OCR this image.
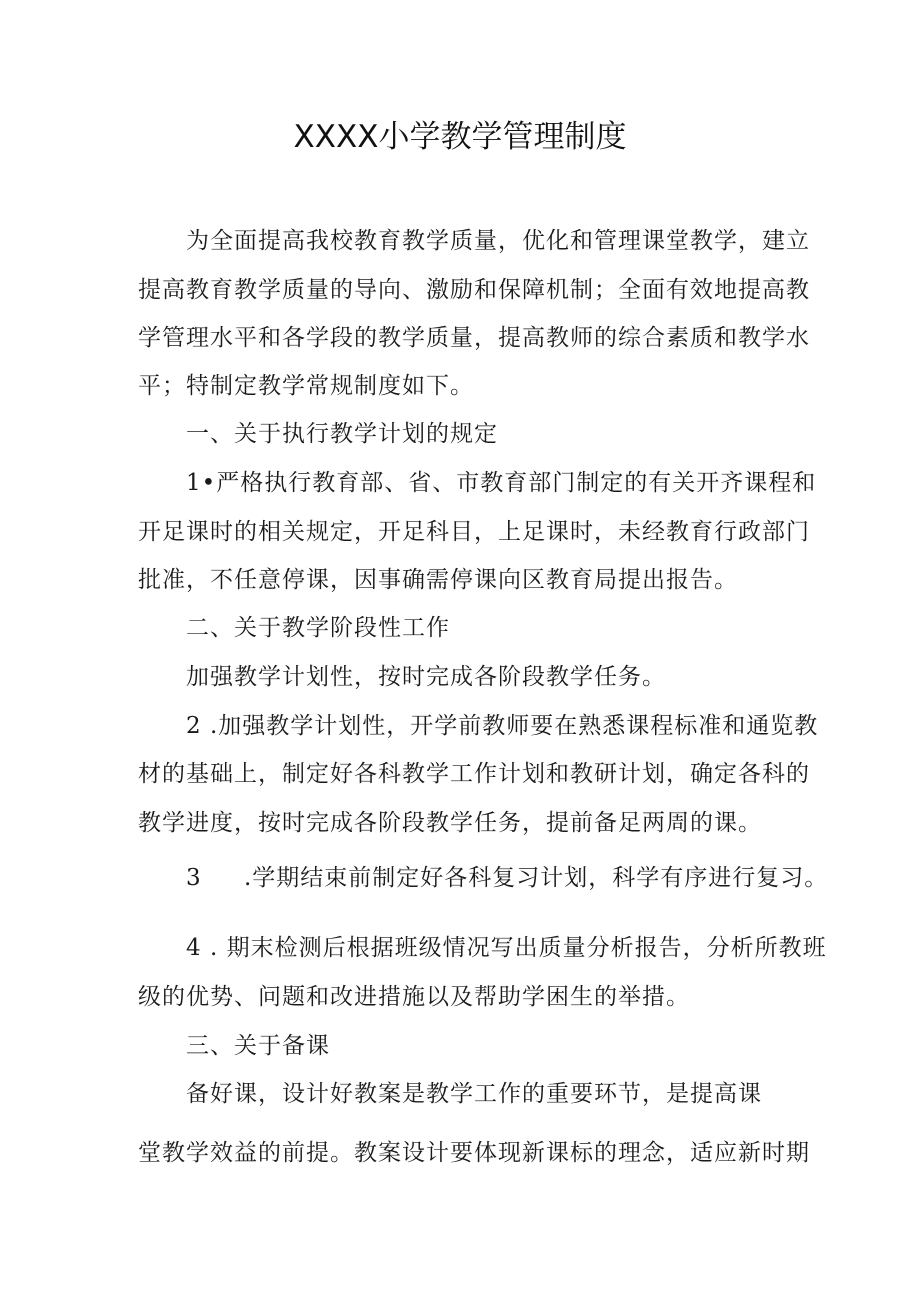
XXXX小学教学管理制度
为全面提高我校教育教学质量，优化和管理课堂教学，建立
提高教育教学质量的导向、激励和保障机制；全面有效地提高教
学管理水平和各学段的教学质量，提高教师的综合素质和教学水
平；特制定教学常规制度如下。
一、关于执行教学计划的规定
1•严格执行教育部、省、市教育部门制定的有关开齐课程和
开足课时的相关规定，开足科目，上足课时，未经教育行政部门
批准，不任意停课，因事确需停课向区教育局提出报告。
二、关于教学阶段性工作
加强教学计划性，按时完成各阶段教学任务。
2 .加强教学计划性，开学前教师要在熟悉课程标准和通览教
材的基础上，制定好各科教学工作计划和教研计划，确定各科的
教学进度，按时完成各阶段教学任务，提前备足两周的课。
3 .学期结束前制定好各科复习计划，科学有序进行复习。
4 . 期末检测后根据班级情况写出质量分析报告，分析所教班
级的优势、问题和改进措施以及帮助学困生的举措。
三、关于备课
备好课，设计好教案是教学工作的重要环节，是提高课
堂教学效益的前提。教案设计要体现新课标的理念，适应新时期
